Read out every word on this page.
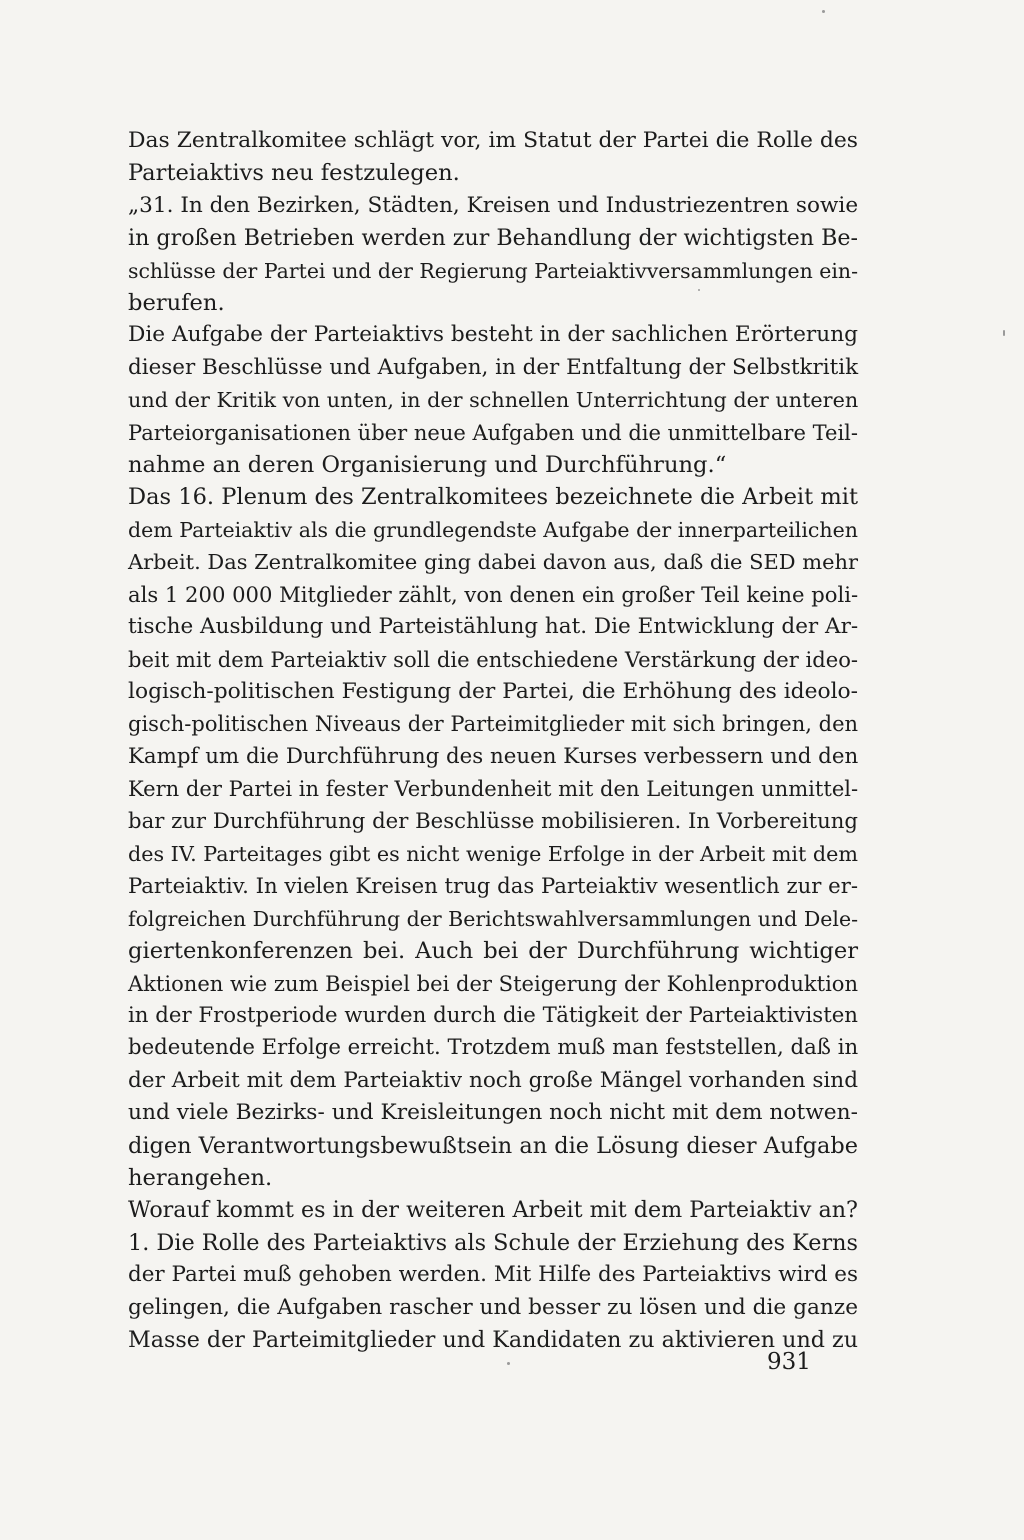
Das Zentralkomitee schlägt vor, im Statut der Partei die Rolle des
Parteiaktivs neu festzulegen.
„31. In den Bezirken, Städten, Kreisen und Industriezentren sowie
in großen Betrieben werden zur Behandlung der wichtigsten Be-
schlüsse der Partei und der Regierung Parteiaktivversammlungen ein-
berufen.
Die Aufgabe der Parteiaktivs besteht in der sachlichen Erörterung
dieser Beschlüsse und Aufgaben, in der Entfaltung der Selbstkritik
und der Kritik von unten, in der schnellen Unterrichtung der unteren
Parteiorganisationen über neue Aufgaben und die unmittelbare Teil-
nahme an deren Organisierung und Durchführung.“
Das 16. Plenum des Zentralkomitees bezeichnete die Arbeit mit
dem Parteiaktiv als die grundlegendste Aufgabe der innerparteilichen
Arbeit. Das Zentralkomitee ging dabei davon aus, daß die SED mehr
als 1 200 000 Mitglieder zählt, von denen ein großer Teil keine poli-
tische Ausbildung und Parteistählung hat. Die Entwicklung der Ar-
beit mit dem Parteiaktiv soll die entschiedene Verstärkung der ideo-
logisch-politischen Festigung der Partei, die Erhöhung des ideolo-
gisch-politischen Niveaus der Parteimitglieder mit sich bringen, den
Kampf um die Durchführung des neuen Kurses verbessern und den
Kern der Partei in fester Verbundenheit mit den Leitungen unmittel-
bar zur Durchführung der Beschlüsse mobilisieren. In Vorbereitung
des IV. Parteitages gibt es nicht wenige Erfolge in der Arbeit mit dem
Parteiaktiv. In vielen Kreisen trug das Parteiaktiv wesentlich zur er-
folgreichen Durchführung der Berichtswahlversammlungen und Dele-
giertenkonferenzen bei. Auch bei der Durchführung wichtiger
Aktionen wie zum Beispiel bei der Steigerung der Kohlenproduktion
in der Frostperiode wurden durch die Tätigkeit der Parteiaktivisten
bedeutende Erfolge erreicht. Trotzdem muß man feststellen, daß in
der Arbeit mit dem Parteiaktiv noch große Mängel vorhanden sind
und viele Bezirks- und Kreisleitungen noch nicht mit dem notwen-
digen Verantwortungsbewußtsein an die Lösung dieser Aufgabe
herangehen.
Worauf kommt es in der weiteren Arbeit mit dem Parteiaktiv an?
1. Die Rolle des Parteiaktivs als Schule der Erziehung des Kerns
der Partei muß gehoben werden. Mit Hilfe des Parteiaktivs wird es
gelingen, die Aufgaben rascher und besser zu lösen und die ganze
Masse der Parteimitglieder und Kandidaten zu aktivieren und zu
931
